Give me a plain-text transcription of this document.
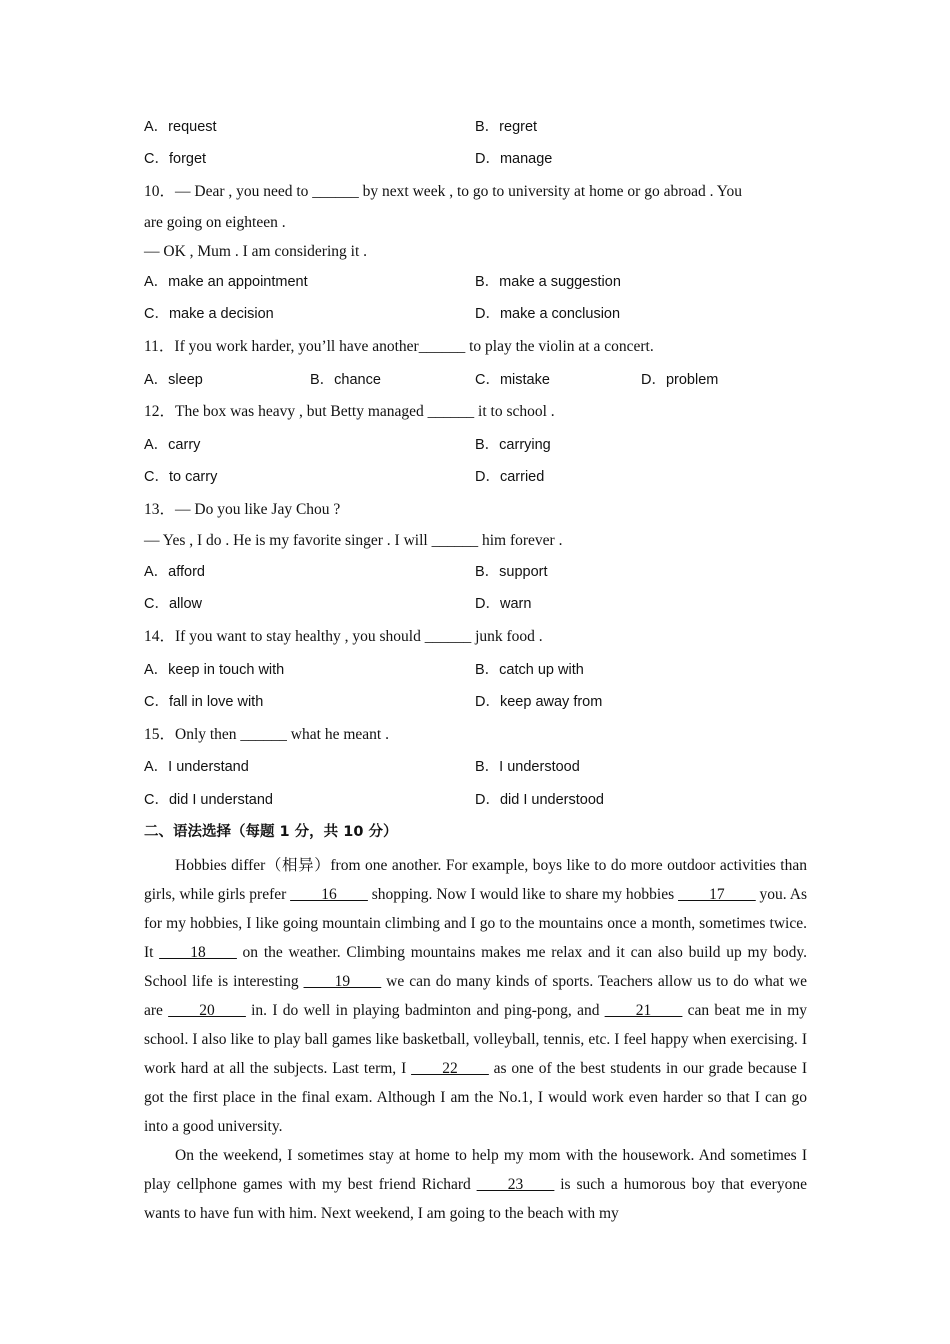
A．request	B．regret
C．forget	D．manage
10．— Dear , you need to ______ by next week , to go to university at home or go abroad . You
are going on eighteen .
— OK , Mum . I am considering it .
A．make an appointment	B．make a suggestion
C．make a decision	D．make a conclusion
11．If you work harder, you’ll have another______ to play the violin at a concert.
A．sleep	B．chance	C．mistake	D．problem
12．The box was heavy , but Betty managed ______ it to school .
A．carry	B．carrying
C．to carry	D．carried
13．— Do you like Jay Chou ?
— Yes , I do . He is my favorite singer . I will ______ him forever .
A．afford	B．support
C．allow	D．warn
14．If you want to stay healthy , you should ______ junk food .
A．keep in touch with	B．catch up with
C．fall in love with	D．keep away from
15．Only then ______ what he meant .
A．I understand	B．I understood
C．did I understand	D．did I understood
二、语法选择（每题 1 分，共 10 分）

Hobbies differ（相异）from one another. For example, boys like to do more outdoor activities than girls, while girls prefer ____16____ shopping. Now I would like to share my hobbies ____17____ you. As for my hobbies, I like going mountain climbing and I go to the mountains once a month, sometimes twice. It ____18____ on the weather. Climbing mountains makes me relax and it can also build up my body. School life is interesting ____19____ we can do many kinds of sports. Teachers allow us to do what we are ____20____ in. I do well in playing badminton and ping-pong, and ____21____ can beat me in my school. I also like to play ball games like basketball, volleyball, tennis, etc. I feel happy when exercising. I work hard at all the subjects. Last term, I ____22____ as one of the best students in our grade because I got the first place in the final exam. Although I am the No.1, I would work even harder so that I can go into a good university.

On the weekend, I sometimes stay at home to help my mom with the housework. And sometimes I play cellphone games with my best friend Richard ____23____ is such a humorous boy that everyone wants to have fun with him. Next weekend, I am going to the beach with my
